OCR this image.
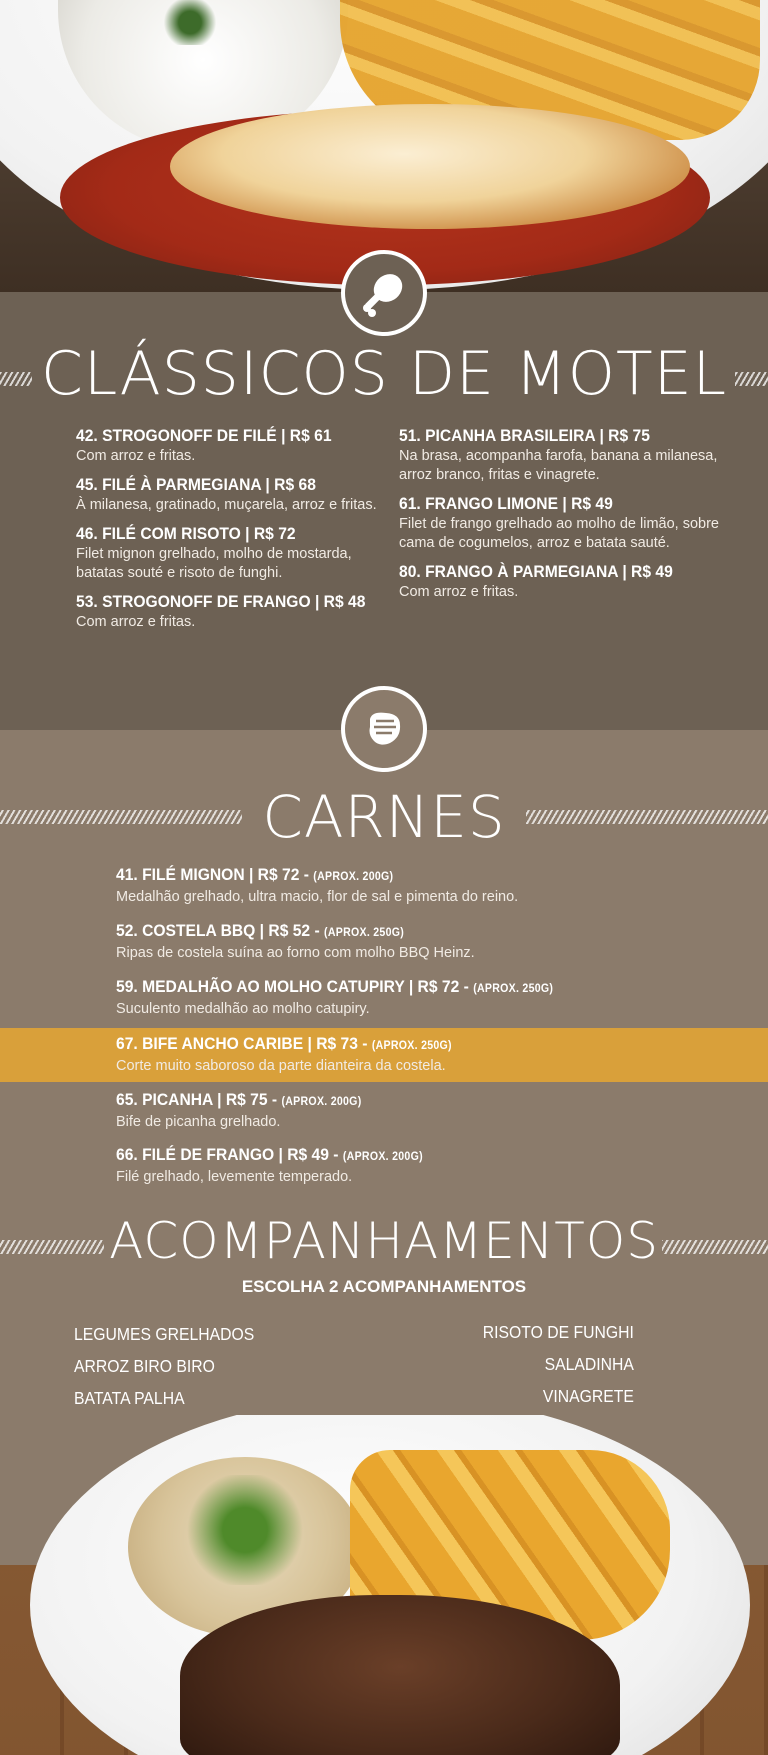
CLÁSSICOS DE MOTEL
42. STROGONOFF DE FILÉ | R$ 61
Com arroz e fritas.
45. FILÉ À PARMEGIANA | R$ 68
À milanesa, gratinado, muçarela, arroz e fritas.
46. FILÉ COM RISOTO | R$ 72
Filet mignon grelhado, molho de mostarda, batatas souté e risoto de funghi.
53. STROGONOFF DE FRANGO | R$ 48
Com arroz e fritas.
51. PICANHA BRASILEIRA | R$ 75
Na brasa, acompanha farofa, banana a milanesa, arroz branco, fritas e vinagrete.
61. FRANGO LIMONE | R$ 49
Filet de frango grelhado ao molho de limão, sobre cama de cogumelos, arroz e batata sauté.
80. FRANGO À PARMEGIANA | R$ 49
Com arroz e fritas.
CARNES
41. FILÉ MIGNON | R$ 72 - (APROX. 200G)
Medalhão grelhado, ultra macio, flor de sal e pimenta do reino.
52. COSTELA BBQ | R$ 52 - (APROX. 250G)
Ripas de costela suína ao forno com molho BBQ Heinz.
59. MEDALHÃO AO MOLHO CATUPIRY | R$ 72 - (APROX. 250G)
Suculento medalhão ao molho catupiry.
67. BIFE ANCHO CARIBE | R$ 73 - (APROX. 250G)
Corte muito saboroso da parte dianteira da costela.
65. PICANHA | R$ 75 - (APROX. 200G)
Bife de picanha grelhado.
66. FILÉ DE FRANGO | R$ 49 - (APROX. 200G)
Filé grelhado, levemente temperado.
ACOMPANHAMENTOS
ESCOLHA 2 ACOMPANHAMENTOS
LEGUMES GRELHADOS
ARROZ BIRO BIRO
BATATA PALHA
RISOTO DE FUNGHI
SALADINHA
VINAGRETE
